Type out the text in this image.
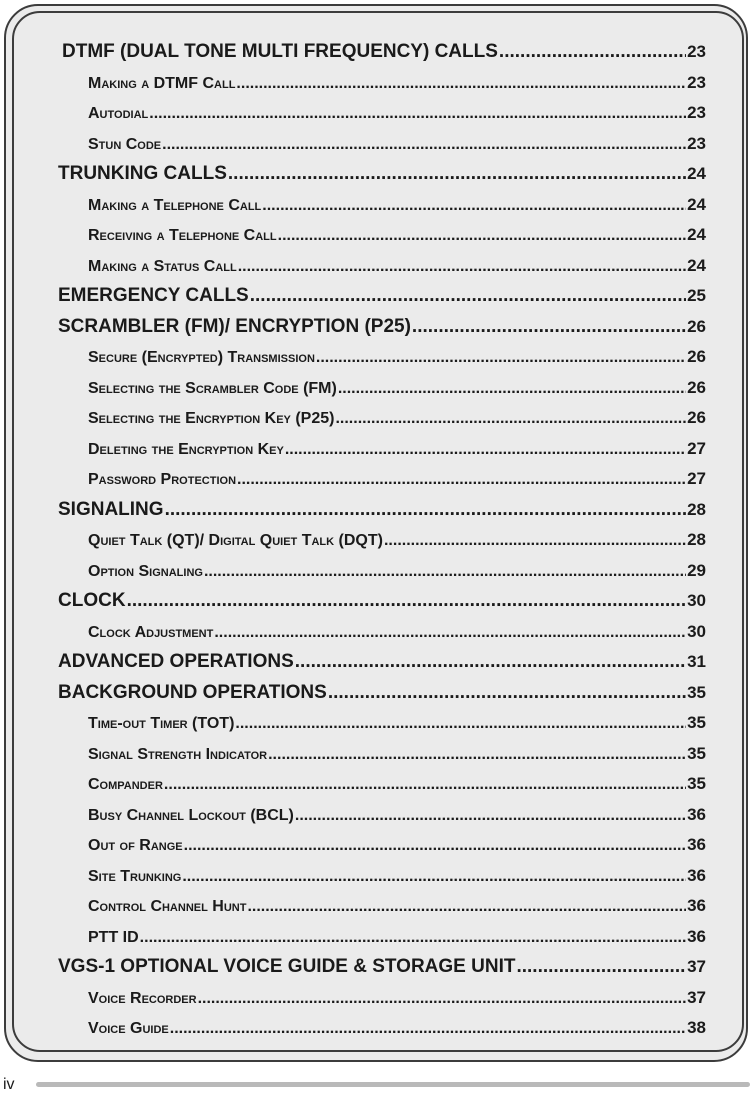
DTMF (DUAL TONE MULTI FREQUENCY) CALLS .....	23
Making a DTMF Call .....	23
Autodial .....	23
Stun Code .....	23
TRUNKING CALLS .....	24
Making a Telephone Call .....	24
Receiving a Telephone Call .....	24
Making a Status Call .....	24
EMERGENCY CALLS .....	25
SCRAMBLER (FM)/ ENCRYPTION (P25) .....	26
Secure (Encrypted) Transmission .....	26
Selecting the Scrambler Code (FM) .....	26
Selecting the Encryption Key (P25) .....	26
Deleting the Encryption Key .....	27
Password Protection .....	27
SIGNALING .....	28
Quiet Talk (QT)/ Digital Quiet Talk (DQT) .....	28
Option Signaling .....	29
CLOCK .....	30
Clock Adjustment .....	30
ADVANCED OPERATIONS .....	31
BACKGROUND OPERATIONS .....	35
Time-out Timer (TOT) .....	35
Signal Strength Indicator .....	35
Compander .....	35
Busy Channel Lockout (BCL) .....	36
Out of Range .....	36
Site Trunking .....	36
Control Channel Hunt .....	36
PTT ID .....	36
VGS-1 OPTIONAL VOICE GUIDE & STORAGE UNIT .....	37
Voice Recorder .....	37
Voice Guide .....	38
iv
